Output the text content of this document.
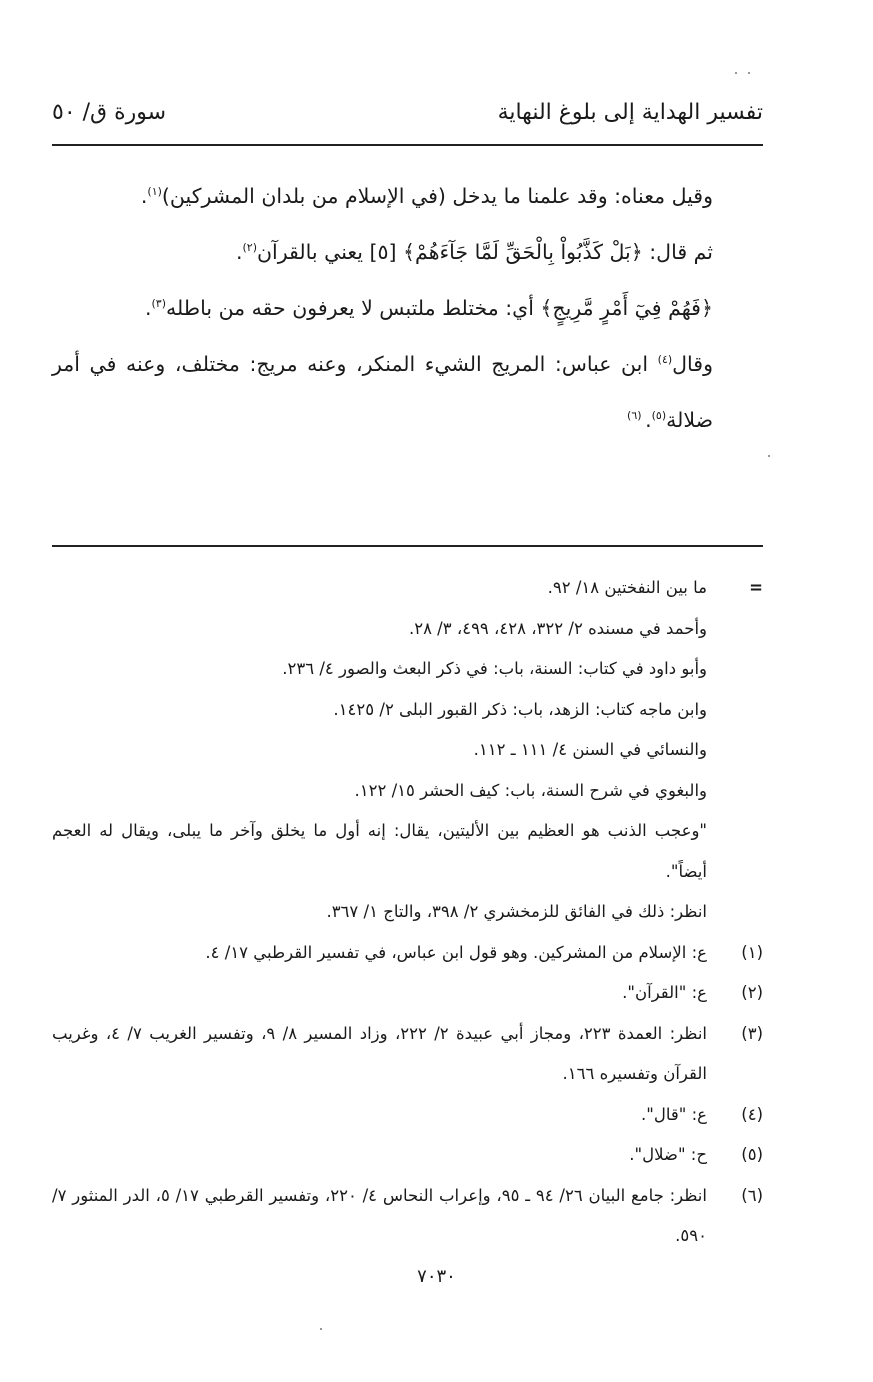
تفسير الهداية إلى بلوغ النهاية
سورة ق/ ٥٠

وقيل معناه: وقد علمنا ما يدخل (في الإسلام من بلدان المشركين)$^{(١)}$.

ثم قال: ﴿بَلْ كَذَّبُواْ بِالْحَقِّ لَمَّا جَآءَهُمْ﴾ [٥] يعني بالقرآن$^{(٢)}$.

﴿فَهُمْ فِيٓ أَمْرٍ مَّرِيجٍ﴾ أي: مختلط ملتبس لا يعرفون حقه من باطله$^{(٣)}$.

وقال$^{(٤)}$ ابن عباس: المريج الشيء المنكر، وعنه مريج: مختلف، وعنه في أمر ضلالة$^{(٥)}$. $^{(٦)}$

=
ما بين النفختين ١٨/ ٩٢.
وأحمد في مسنده ٢/ ٣٢٢، ٤٢٨، ٤٩٩، ٣/ ٢٨.
وأبو داود في كتاب: السنة، باب: في ذكر البعث والصور ٤/ ٢٣٦.
وابن ماجه كتاب: الزهد، باب: ذكر القبور البلى ٢/ ١٤٢٥.
والنسائي في السنن ٤/ ١١١ ـ ١١٢.
والبغوي في شرح السنة، باب: كيف الحشر ١٥/ ١٢٢.
"وعجب الذنب هو العظيم بين الأليتين، يقال: إنه أول ما يخلق وآخر ما يبلى، ويقال له العجم أيضاً".
انظر: ذلك في الفائق للزمخشري ٢/ ٣٩٨، والتاج ١/ ٣٦٧.
(١)
ع: الإسلام من المشركين. وهو قول ابن عباس، في تفسير القرطبي ١٧/ ٤.
(٢)
ع: "القرآن".
(٣)
انظر: العمدة ٢٢٣، ومجاز أبي عبيدة ٢/ ٢٢٢، وزاد المسير ٨/ ٩، وتفسير الغريب ٧/ ٤، وغريب القرآن وتفسيره ١٦٦.
(٤)
ع: "قال".
(٥)
ح: "ضلال".
(٦)
انظر: جامع البيان ٢٦/ ٩٤ ـ ٩٥، وإعراب النحاس ٤/ ٢٢٠، وتفسير القرطبي ١٧/ ٥، الدر المنثور ٧/ ٥٩٠.
٧٠٣٠
